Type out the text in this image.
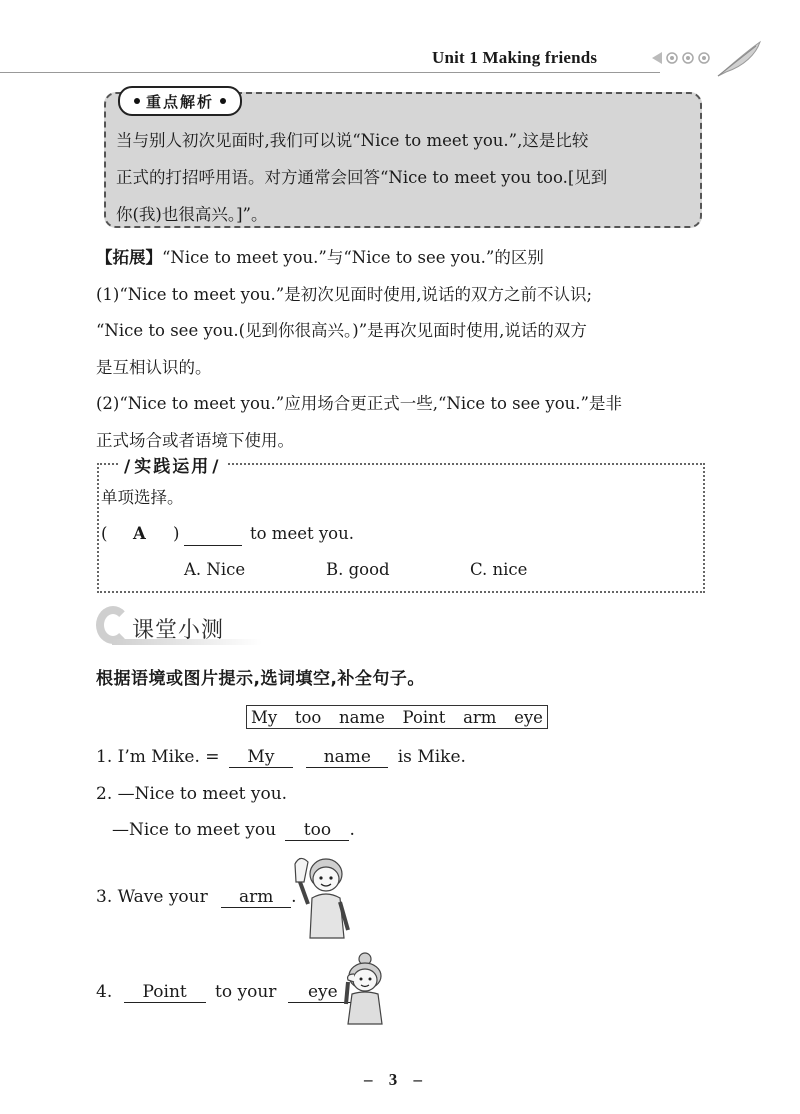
Unit 1 Making friends
重点解析
当与别人初次见面时,我们可以说“Nice to meet you.”,这是比较
正式的打招呼用语。对方通常会回答“Nice to meet you too.[见到
你(我)也很高兴。]”。

【拓展】“Nice to meet you.”与“Nice to see you.”的区别

(1)“Nice to meet you.”是初次见面时使用,说话的双方之前不认识;

“Nice to see you.(见到你很高兴。)”是再次见面时使用,说话的双方

是互相认识的。

(2)“Nice to meet you.”应用场合更正式一些,“Nice to see you.”是非

正式场合或者语境下使用。

/ 实践运用 /
单项选择。
( A )	to meet you.
A. Nice	B. good	C. nice
课堂小测
根据语境或图片提示,选词填空,补全句子。
My too name Point arm eye
1. I’m Mike. = My	name is Mike.
2. —Nice to meet you.
—Nice to meet you too .
3. Wave your arm .
4. Point to your eye
– 3 –
